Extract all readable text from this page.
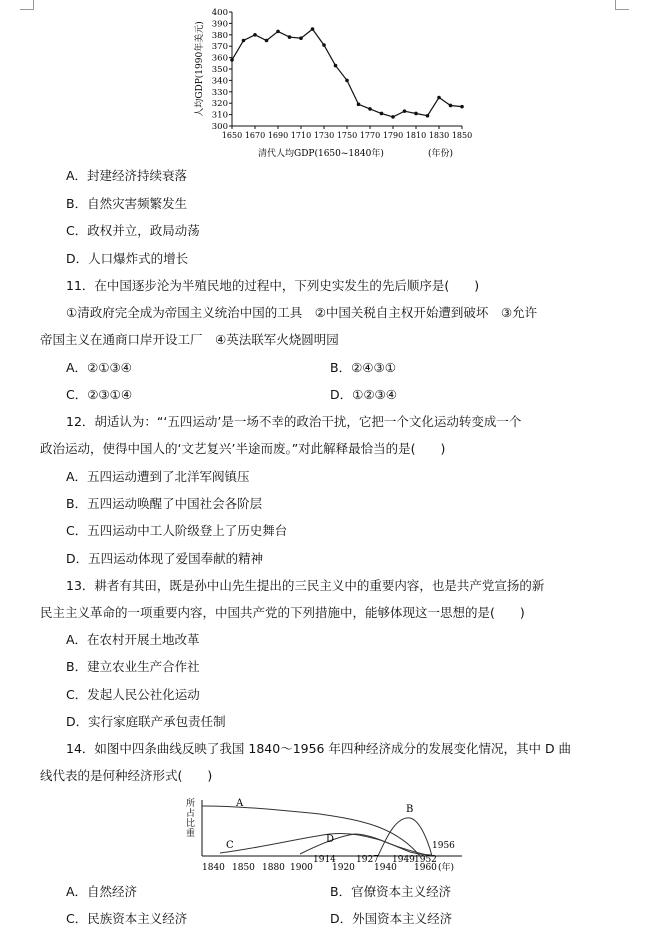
300
310
320
330
340
350
360
370
380
390
400
1650 1670 1690 1710 1730 1750 1770 1790 1810 1830 1850
人均GDP(1990年美元)
清代人均GDP(1650~1840年)	(年份)
A．封建经济持续衰落
B．自然灾害频繁发生
C．政权并立，政局动荡
D．人口爆炸式的增长
11．在中国逐步沦为半殖民地的过程中，下列史实发生的先后顺序是(　　)
①清政府完全成为帝国主义统治中国的工具　②中国关税自主权开始遭到破坏　③允许
帝国主义在通商口岸开设工厂　④英法联军火烧圆明园
A．②①③④	B．②④③①
C．②③①④	D．①②③④
12．胡适认为：“‘五四运动’是一场不幸的政治干扰，它把一个文化运动转变成一个
政治运动，使得中国人的‘文艺复兴’半途而废。”对此解释最恰当的是(　　)
A．五四运动遭到了北洋军阀镇压
B．五四运动唤醒了中国社会各阶层
C．五四运动中工人阶级登上了历史舞台
D．五四运动体现了爱国奉献的精神
13．耕者有其田，既是孙中山先生提出的三民主义中的重要内容，也是共产党宣扬的新
民主主义革命的一项重要内容，中国共产党的下列措施中，能够体现这一思想的是(　　)
A．在农村开展土地改革
B．建立农业生产合作社
C．发起人民公社化运动
D．实行家庭联产承包责任制
14．如图中四条曲线反映了我国 1840～1956 年四种经济成分的发展变化情况，其中 D 曲
线代表的是何种经济形式(　　)
所
占
比
重
A
B
C
D
1840 1850 1880 1900
1914
1920
1927
1940
1949 1952
1956
1960 (年)
A．自然经济	B．官僚资本主义经济
C．民族资本主义经济	D．外国资本主义经济
